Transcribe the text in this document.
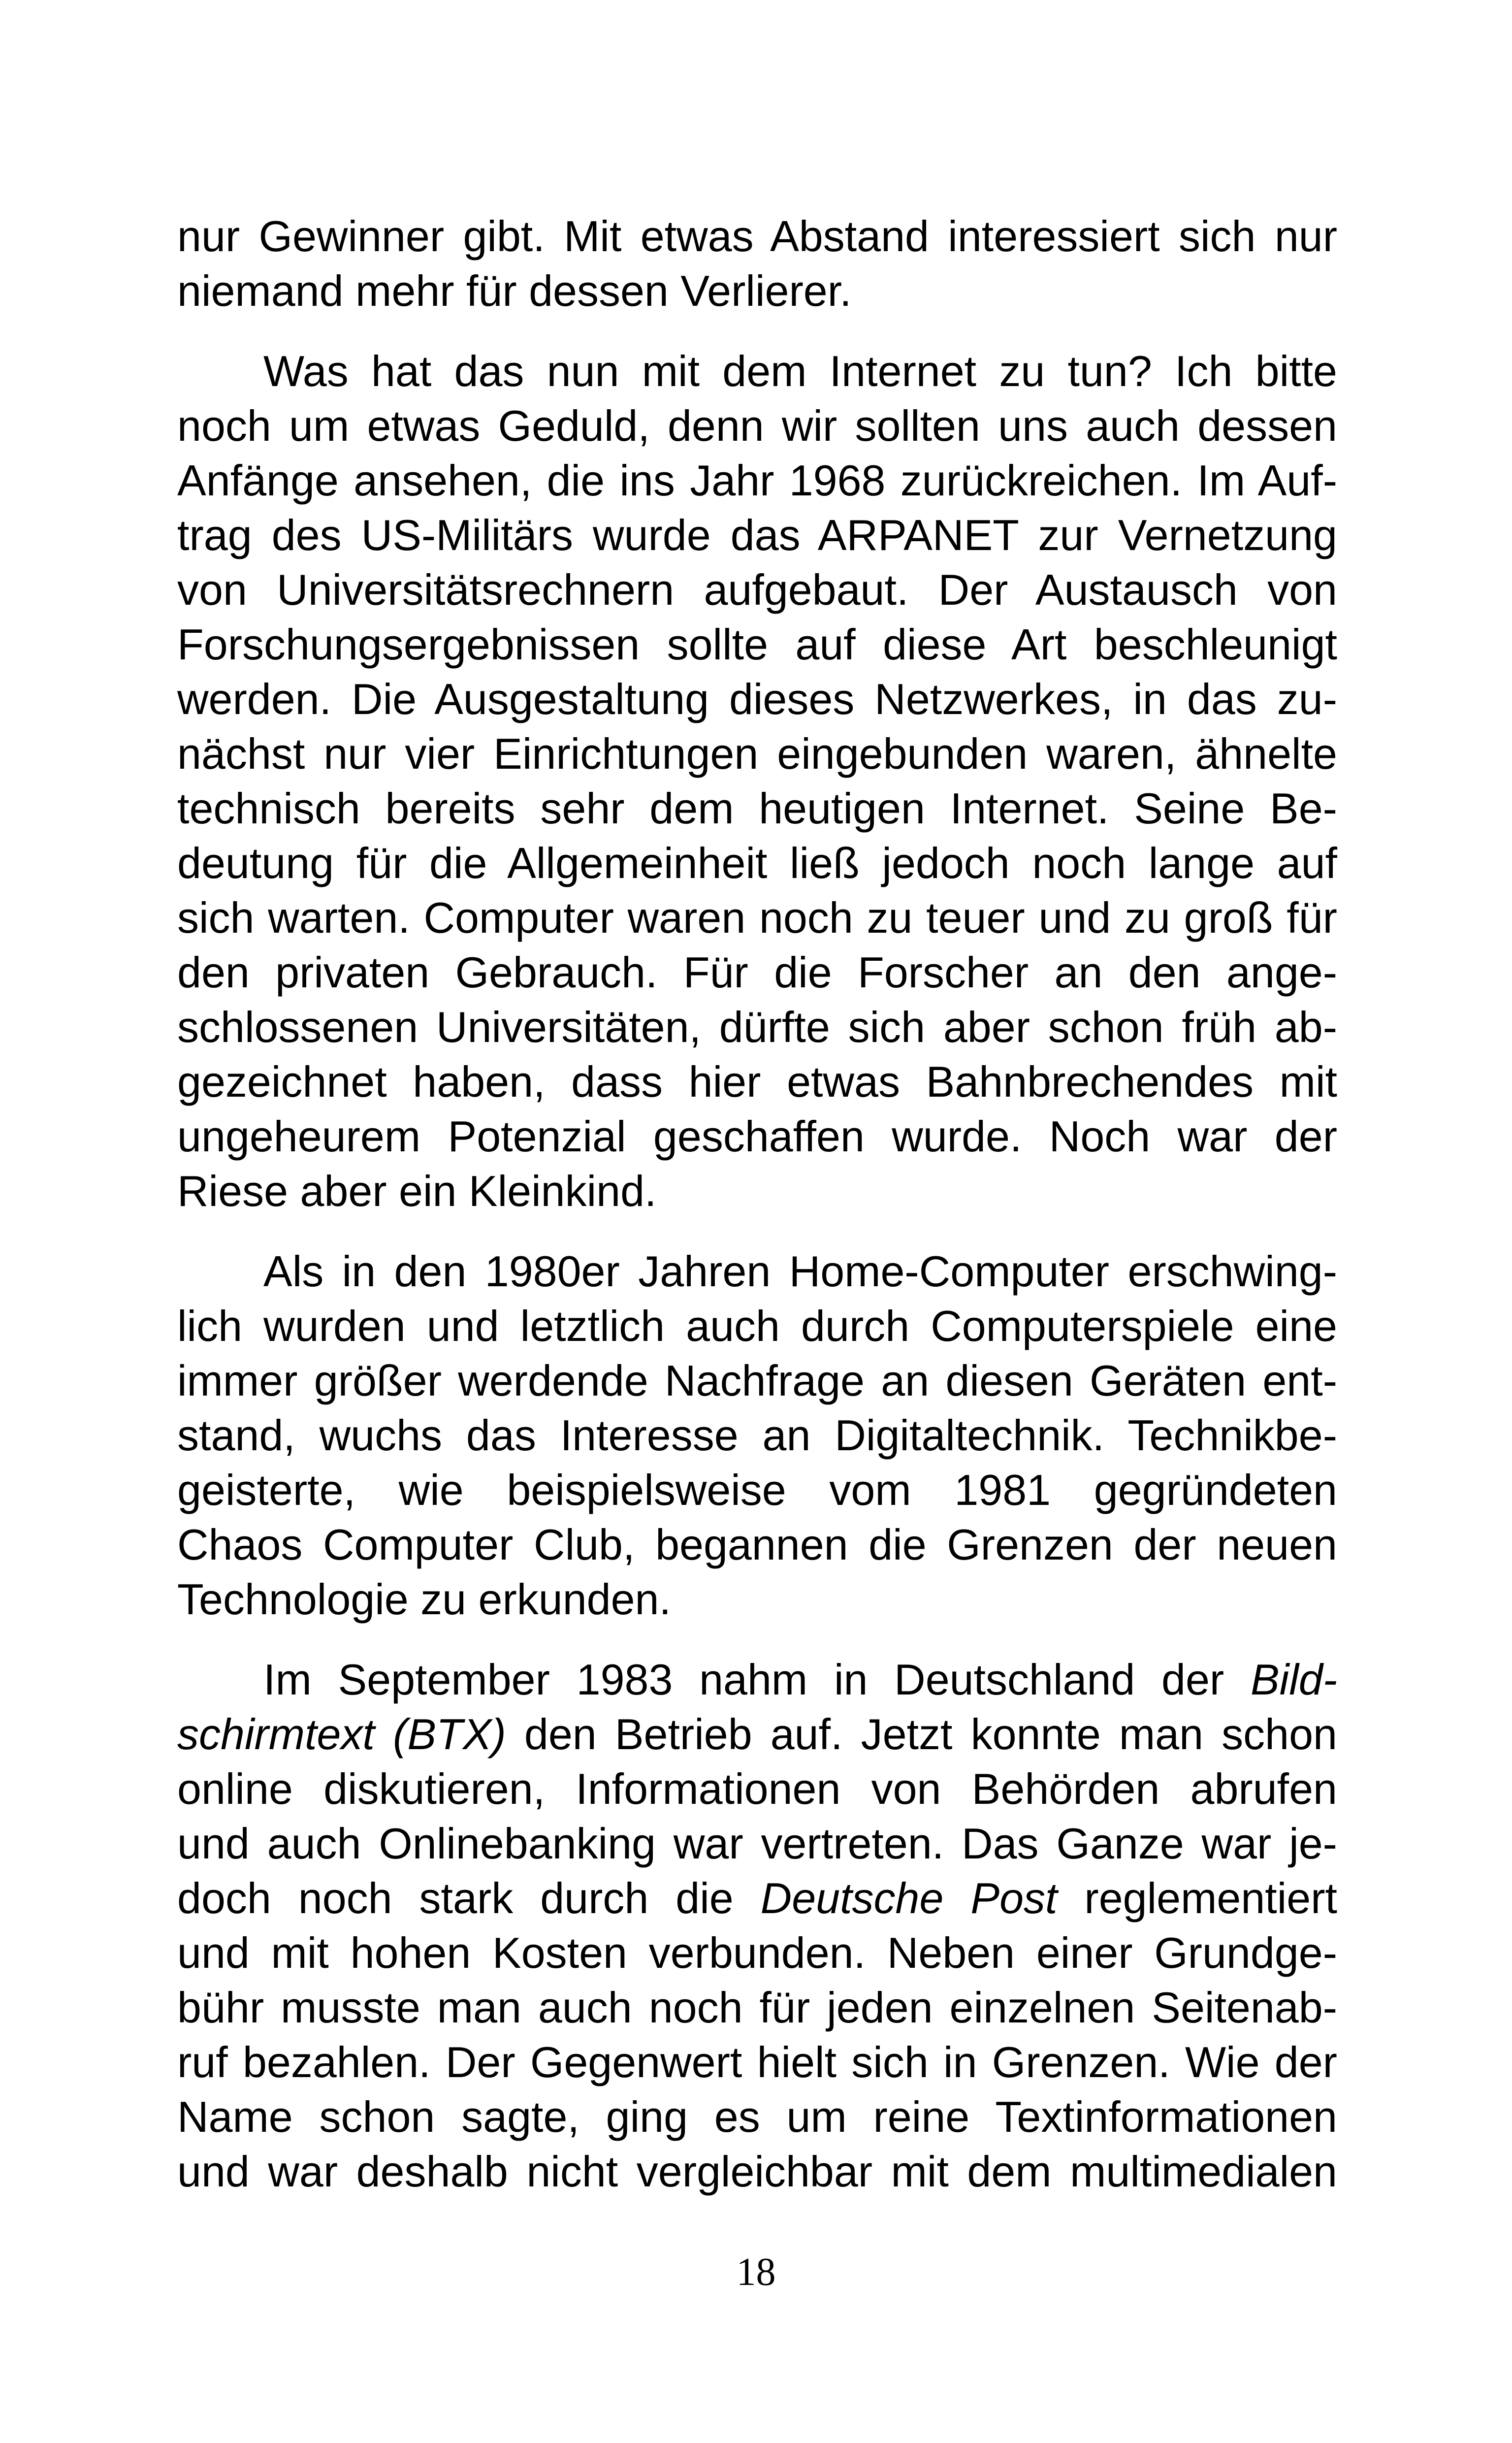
nur Gewinner gibt. Mit etwas Abstand interessiert sich nur
niemand mehr für dessen Verlierer.
Was hat das nun mit dem Internet zu tun? Ich bitte
noch um etwas Geduld, denn wir sollten uns auch dessen
Anfänge ansehen, die ins Jahr 1968 zurückreichen. Im Auf-
trag des US-Militärs wurde das ARPANET zur Vernetzung
von Universitätsrechnern aufgebaut. Der Austausch von
Forschungsergebnissen sollte auf diese Art beschleunigt
werden. Die Ausgestaltung dieses Netzwerkes, in das zu-
nächst nur vier Einrichtungen eingebunden waren, ähnelte
technisch bereits sehr dem heutigen Internet. Seine Be-
deutung für die Allgemeinheit ließ jedoch noch lange auf
sich warten. Computer waren noch zu teuer und zu groß für
den privaten Gebrauch. Für die Forscher an den ange-
schlossenen Universitäten, dürfte sich aber schon früh ab-
gezeichnet haben, dass hier etwas Bahnbrechendes mit
ungeheurem Potenzial geschaffen wurde. Noch war der
Riese aber ein Kleinkind.
Als in den 1980er Jahren Home-Computer erschwing-
lich wurden und letztlich auch durch Computerspiele eine
immer größer werdende Nachfrage an diesen Geräten ent-
stand, wuchs das Interesse an Digitaltechnik. Technikbe-
geisterte, wie beispielsweise vom 1981 gegründeten
Chaos Computer Club, begannen die Grenzen der neuen
Technologie zu erkunden.
Im September 1983 nahm in Deutschland der Bild-
schirmtext (BTX) den Betrieb auf. Jetzt konnte man schon
online diskutieren, Informationen von Behörden abrufen
und auch Onlinebanking war vertreten. Das Ganze war je-
doch noch stark durch die Deutsche Post reglementiert
und mit hohen Kosten verbunden. Neben einer Grundge-
bühr musste man auch noch für jeden einzelnen Seitenab-
ruf bezahlen. Der Gegenwert hielt sich in Grenzen. Wie der
Name schon sagte, ging es um reine Textinformationen
und war deshalb nicht vergleichbar mit dem multimedialen
18
